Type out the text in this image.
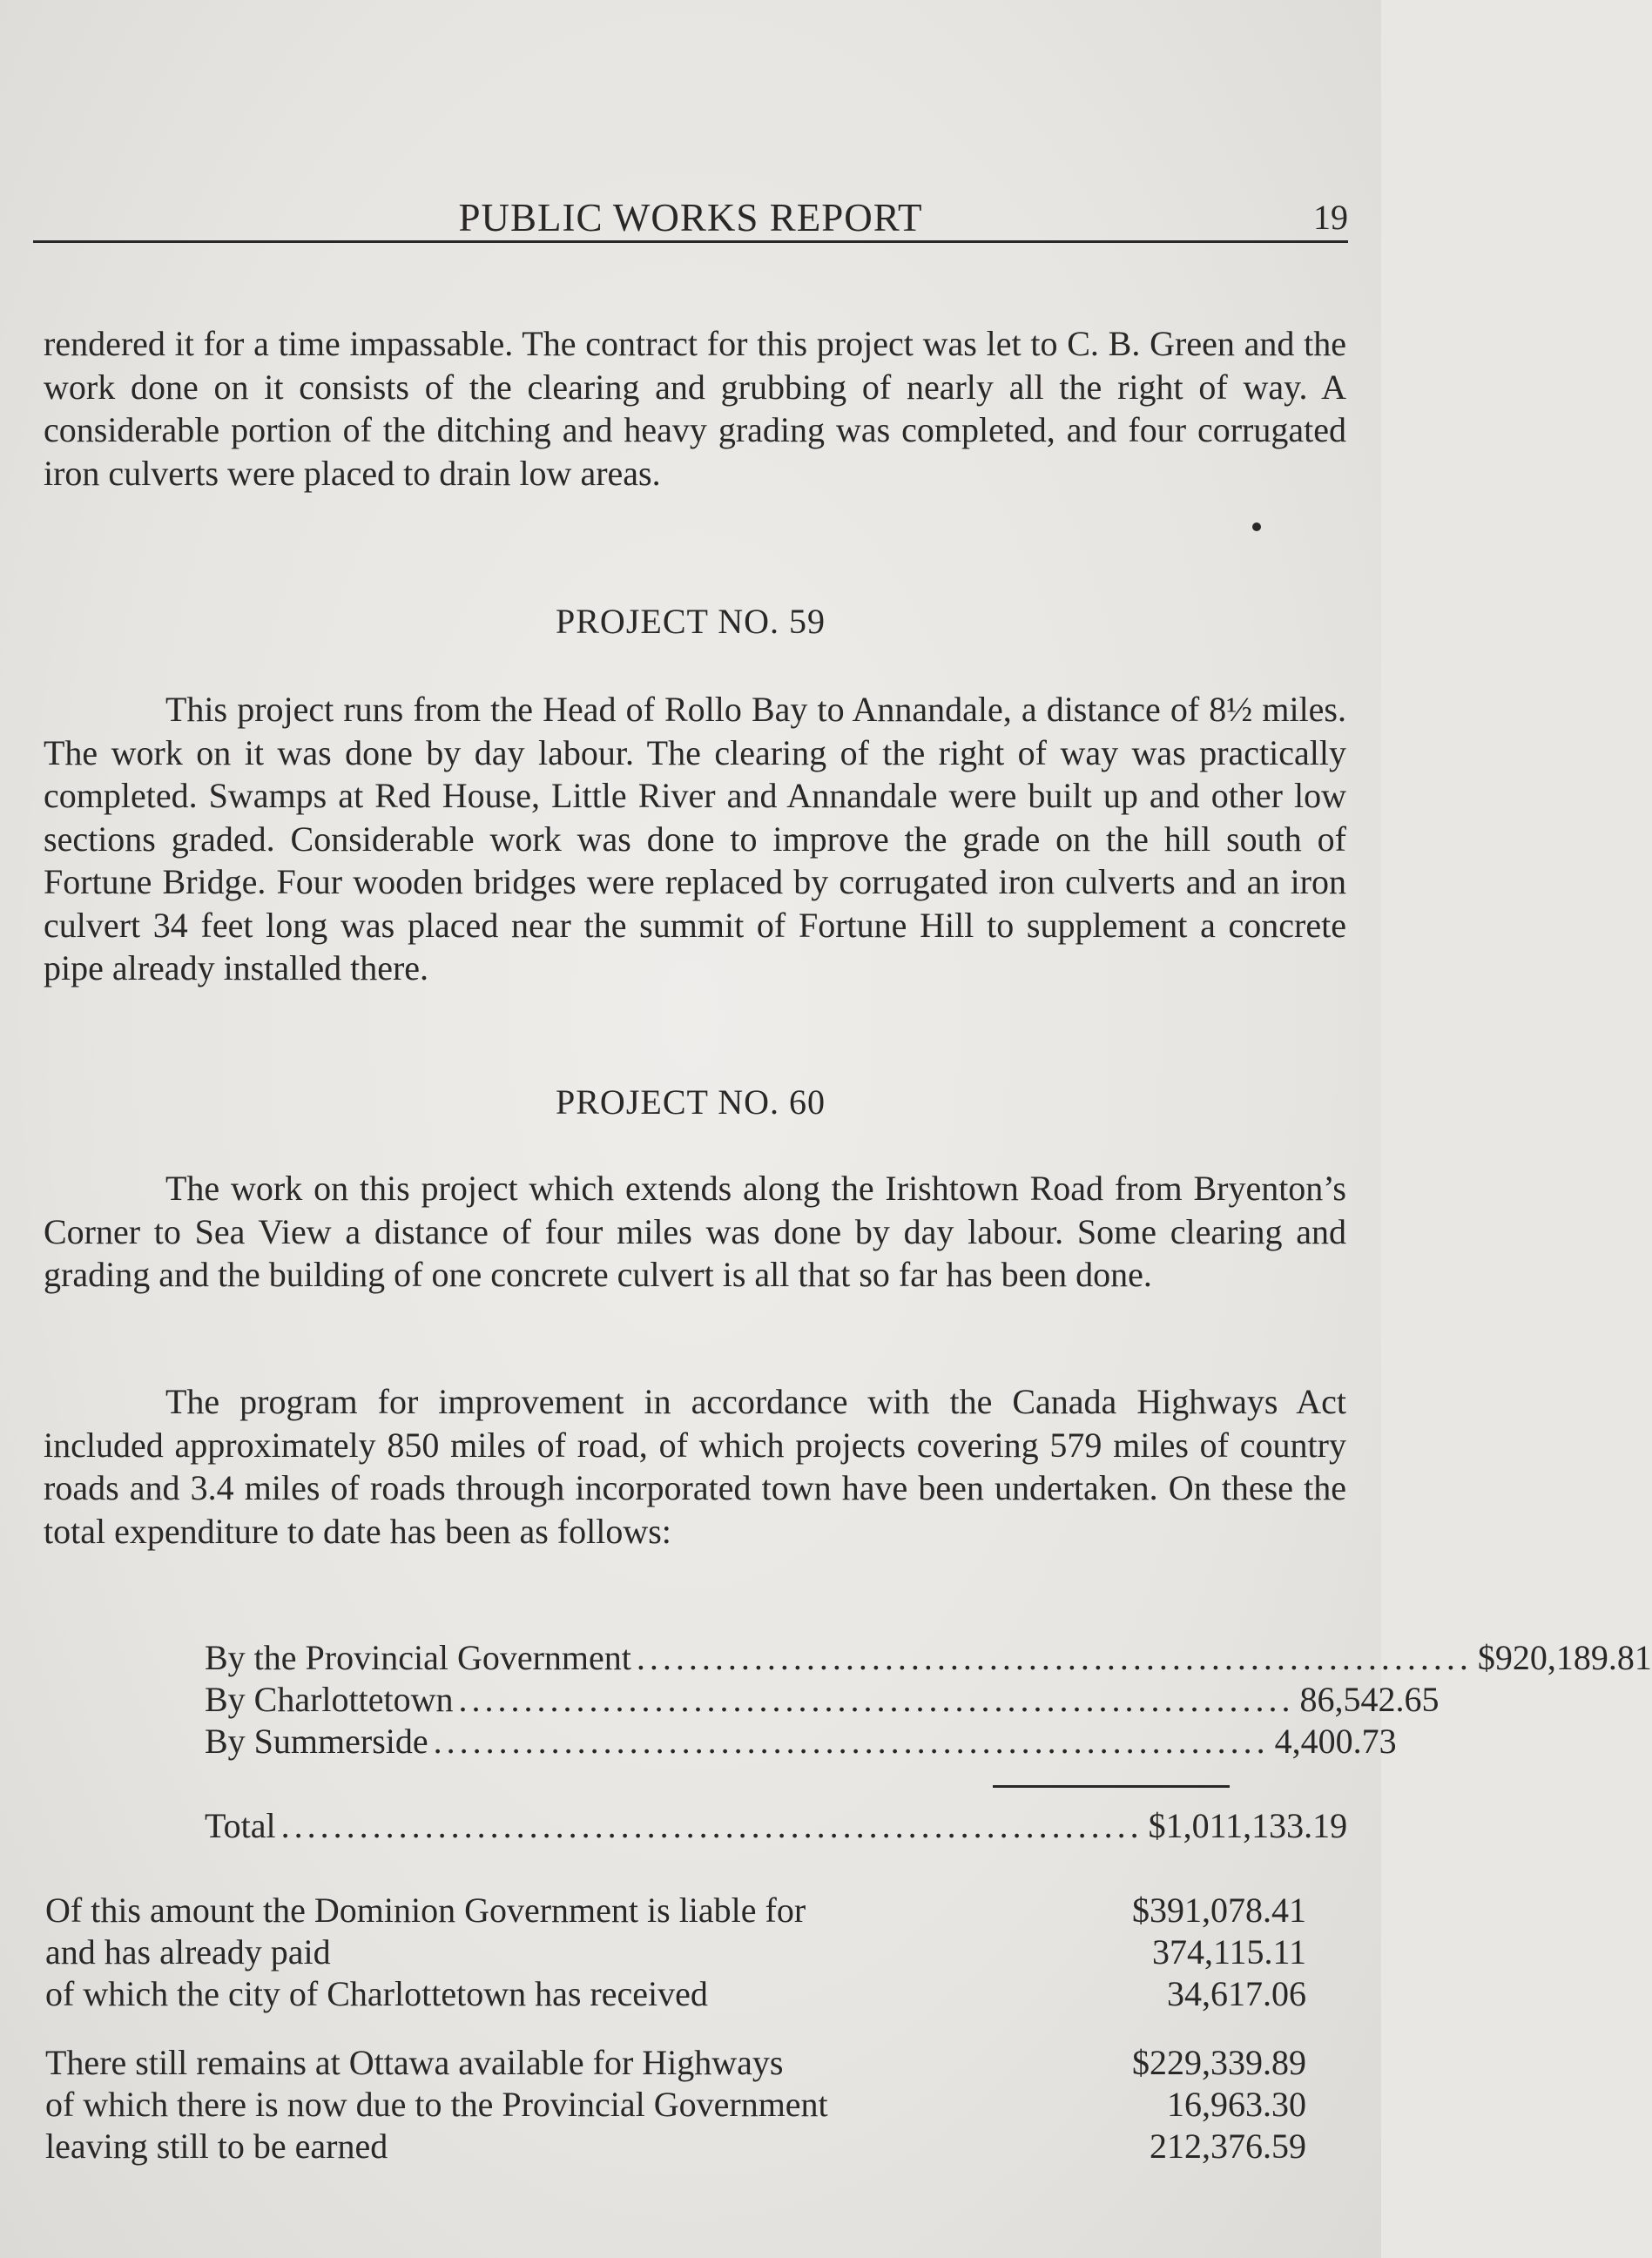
PUBLIC WORKS REPORT	19
rendered it for a time impassable. The contract for this project was let to C. B. Green and the work done on it consists of the clearing and grubbing of nearly all the right of way. A considerable portion of the ditching and heavy grading was completed, and four corrugated iron culverts were placed to drain low areas.
PROJECT NO. 59
This project runs from the Head of Rollo Bay to Annandale, a distance of 8½ miles. The work on it was done by day labour. The clearing of the right of way was practically completed. Swamps at Red House, Little River and Annandale were built up and other low sections graded. Considerable work was done to improve the grade on the hill south of Fortune Bridge. Four wooden bridges were replaced by corrugated iron culverts and an iron culvert 34 feet long was placed near the summit of Fortune Hill to supplement a concrete pipe already installed there.
PROJECT NO. 60
The work on this project which extends along the Irishtown Road from Bryenton’s Corner to Sea View a distance of four miles was done by day labour. Some clearing and grading and the building of one concrete culvert is all that so far has been done.
The program for improvement in accordance with the Canada Highways Act included approximately 850 miles of road, of which projects covering 579 miles of country roads and 3.4 miles of roads through incorporated town have been undertaken. On these the total expenditure to date has been as follows:
By the Provincial Government ................................................................ $920,189.81
By Charlottetown ................................................................ 86,542.65
By Summerside ................................................................ 4,400.73
Total .................................................................. $1,011,133.19
Of this amount the Dominion Government is liable for	$391,078.41
and has already paid	374,115.11
of which the city of Charlottetown has received	34,617.06
There still remains at Ottawa available for Highways	$229,339.89
of which there is now due to the Provincial Government	16,963.30
leaving still to be earned	212,376.59
